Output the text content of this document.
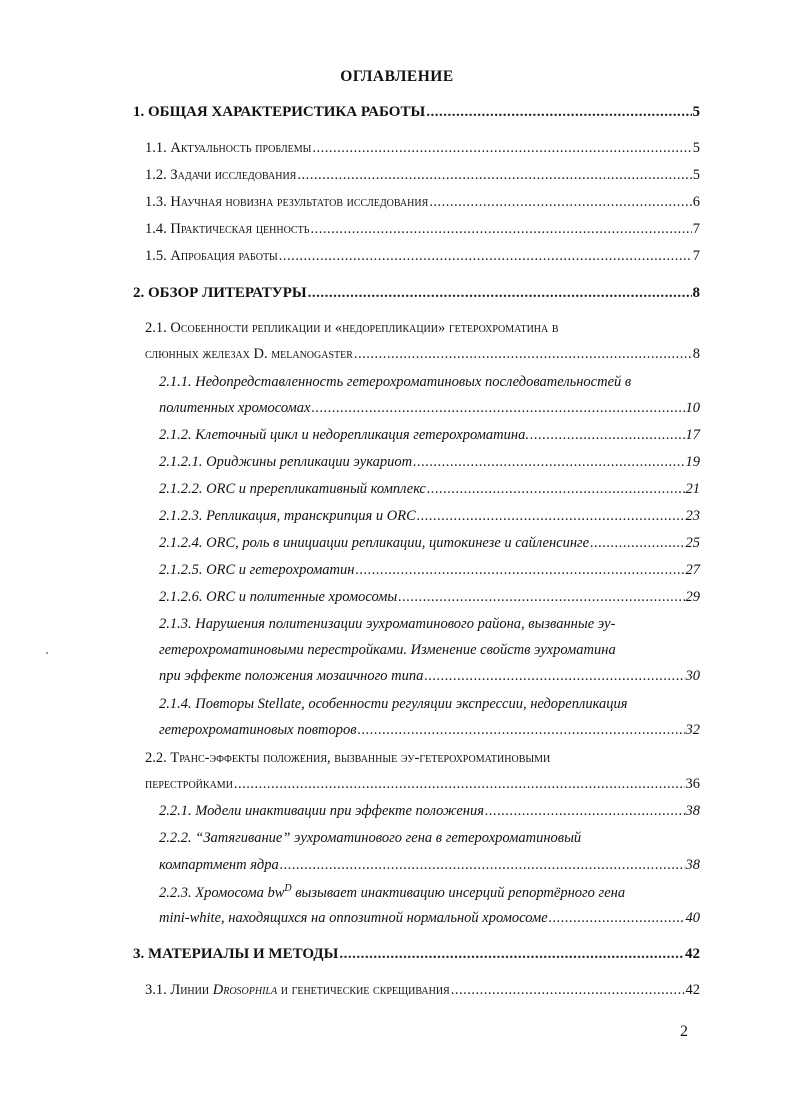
ОГЛАВЛЕНИЕ
1. ОБЩАЯ ХАРАКТЕРИСТИКА РАБОТЫ .....	5
1.1. Актуальность проблемы .....	5
1.2. Задачи исследования .....	5
1.3. Научная новизна результатов исследования .....	6
1.4. Практическая ценность .....	7
1.5. Апробация работы .....	7
2. ОБЗОР ЛИТЕРАТУРЫ .....	8
2.1. Особенности репликации и «недорепликации» гетерохроматина в
слюнных железах D. melanogaster .....	8
2.1.1. Недопредставленность гетерохроматиновых последовательностей в
политенных хромосомах .....	10
2.1.2. Клеточный цикл и недорепликация гетерохроматина. .....	17
2.1.2.1. Ориджины репликации эукариот .....	19
2.1.2.2. ORC и пререпликативный комплекс .....	21
2.1.2.3. Репликация, транскрипция и ORC .....	23
2.1.2.4. ORC, роль в инициации репликации, цитокинезе и сайленсинге .....	25
2.1.2.5. ORC и гетерохроматин .....	27
2.1.2.6. ORC и политенные хромосомы .....	29
2.1.3. Нарушения политенизации эухроматинового района, вызванные эу-
гетерохроматиновыми перестройками. Изменение свойств эухроматина
при эффекте положения мозаичного типа .....	30
2.1.4. Повторы Stellate, особенности регуляции экспрессии, недорепликация
гетерохроматиновых повторов .....	32
2.2. Транс-эффекты положения, вызванные эу-гетерохроматиновыми
перестройками .....	36
2.2.1. Модели инактивации при эффекте положения .....	38
2.2.2. “Затягивание” эухроматинового гена в гетерохроматиновый
компартмент ядра .....	38
2.2.3. Хромосома $bw^D$ вызывает инактивацию инсерций репортёрного гена
mini-white, находящихся на оппозитной нормальной хромосоме .....	40
3. МАТЕРИАЛЫ И МЕТОДЫ .....	42
3.1. Линии Drosophila и генетические скрещивания .....	42
2
